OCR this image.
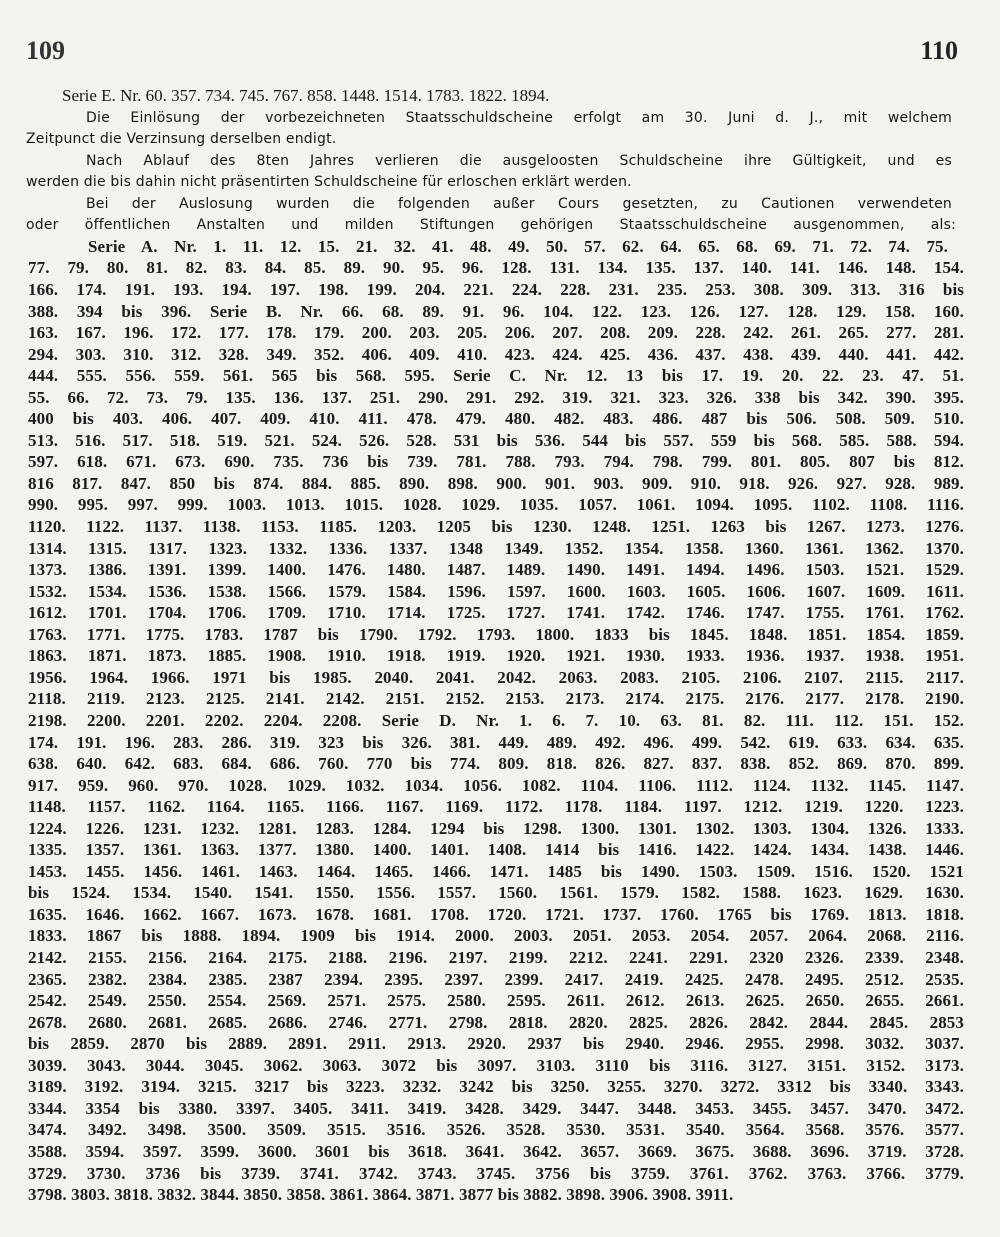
109	110
Serie E. Nr. 60. 357. 734. 745. 767. 858. 1448. 1514. 1783. 1822. 1894.
Die Einlösung der vorbezeichneten Staatsschuldscheine erfolgt am 30. Juni d. J., mit welchem
Zeitpunct die Verzinsung derselben endigt.
Nach Ablauf des 8ten Jahres verlieren die ausgeloosten Schuldscheine ihre Gültigkeit, und es
werden die bis dahin nicht präsentirten Schuldscheine für erloschen erklärt werden.
Bei der Auslosung wurden die folgenden außer Cours gesetzten, zu Cautionen verwendeten
oder öffentlichen Anstalten und milden Stiftungen gehörigen Staatsschuldscheine ausgenommen, als:
Serie A. Nr. 1. 11. 12. 15. 21. 32. 41. 48. 49. 50. 57. 62. 64. 65. 68. 69. 71. 72. 74. 75.
77. 79. 80. 81. 82. 83. 84. 85. 89. 90. 95. 96. 128. 131. 134. 135. 137. 140. 141. 146. 148. 154.
166. 174. 191. 193. 194. 197. 198. 199. 204. 221. 224. 228. 231. 235. 253. 308. 309. 313. 316 bis
388. 394 bis 396. Serie B. Nr. 66. 68. 89. 91. 96. 104. 122. 123. 126. 127. 128. 129. 158. 160.
163. 167. 196. 172. 177. 178. 179. 200. 203. 205. 206. 207. 208. 209. 228. 242. 261. 265. 277. 281.
294. 303. 310. 312. 328. 349. 352. 406. 409. 410. 423. 424. 425. 436. 437. 438. 439. 440. 441. 442.
444. 555. 556. 559. 561. 565 bis 568. 595. Serie C. Nr. 12. 13 bis 17. 19. 20. 22. 23. 47. 51.
55. 66. 72. 73. 79. 135. 136. 137. 251. 290. 291. 292. 319. 321. 323. 326. 338 bis 342. 390. 395.
400 bis 403. 406. 407. 409. 410. 411. 478. 479. 480. 482. 483. 486. 487 bis 506. 508. 509. 510.
513. 516. 517. 518. 519. 521. 524. 526. 528. 531 bis 536. 544 bis 557. 559 bis 568. 585. 588. 594.
597. 618. 671. 673. 690. 735. 736 bis 739. 781. 788. 793. 794. 798. 799. 801. 805. 807 bis 812.
816 817. 847. 850 bis 874. 884. 885. 890. 898. 900. 901. 903. 909. 910. 918. 926. 927. 928. 989.
990. 995. 997. 999. 1003. 1013. 1015. 1028. 1029. 1035. 1057. 1061. 1094. 1095. 1102. 1108. 1116.
1120. 1122. 1137. 1138. 1153. 1185. 1203. 1205 bis 1230. 1248. 1251. 1263 bis 1267. 1273. 1276.
1314. 1315. 1317. 1323. 1332. 1336. 1337. 1348 1349. 1352. 1354. 1358. 1360. 1361. 1362. 1370.
1373. 1386. 1391. 1399. 1400. 1476. 1480. 1487. 1489. 1490. 1491. 1494. 1496. 1503. 1521. 1529.
1532. 1534. 1536. 1538. 1566. 1579. 1584. 1596. 1597. 1600. 1603. 1605. 1606. 1607. 1609. 1611.
1612. 1701. 1704. 1706. 1709. 1710. 1714. 1725. 1727. 1741. 1742. 1746. 1747. 1755. 1761. 1762.
1763. 1771. 1775. 1783. 1787 bis 1790. 1792. 1793. 1800. 1833 bis 1845. 1848. 1851. 1854. 1859.
1863. 1871. 1873. 1885. 1908. 1910. 1918. 1919. 1920. 1921. 1930. 1933. 1936. 1937. 1938. 1951.
1956. 1964. 1966. 1971 bis 1985. 2040. 2041. 2042. 2063. 2083. 2105. 2106. 2107. 2115. 2117.
2118. 2119. 2123. 2125. 2141. 2142. 2151. 2152. 2153. 2173. 2174. 2175. 2176. 2177. 2178. 2190.
2198. 2200. 2201. 2202. 2204. 2208. Serie D. Nr. 1. 6. 7. 10. 63. 81. 82. 111. 112. 151. 152.
174. 191. 196. 283. 286. 319. 323 bis 326. 381. 449. 489. 492. 496. 499. 542. 619. 633. 634. 635.
638. 640. 642. 683. 684. 686. 760. 770 bis 774. 809. 818. 826. 827. 837. 838. 852. 869. 870. 899.
917. 959. 960. 970. 1028. 1029. 1032. 1034. 1056. 1082. 1104. 1106. 1112. 1124. 1132. 1145. 1147.
1148. 1157. 1162. 1164. 1165. 1166. 1167. 1169. 1172. 1178. 1184. 1197. 1212. 1219. 1220. 1223.
1224. 1226. 1231. 1232. 1281. 1283. 1284. 1294 bis 1298. 1300. 1301. 1302. 1303. 1304. 1326. 1333.
1335. 1357. 1361. 1363. 1377. 1380. 1400. 1401. 1408. 1414 bis 1416. 1422. 1424. 1434. 1438. 1446.
1453. 1455. 1456. 1461. 1463. 1464. 1465. 1466. 1471. 1485 bis 1490. 1503. 1509. 1516. 1520. 1521
bis 1524. 1534. 1540. 1541. 1550. 1556. 1557. 1560. 1561. 1579. 1582. 1588. 1623. 1629. 1630.
1635. 1646. 1662. 1667. 1673. 1678. 1681. 1708. 1720. 1721. 1737. 1760. 1765 bis 1769. 1813. 1818.
1833. 1867 bis 1888. 1894. 1909 bis 1914. 2000. 2003. 2051. 2053. 2054. 2057. 2064. 2068. 2116.
2142. 2155. 2156. 2164. 2175. 2188. 2196. 2197. 2199. 2212. 2241. 2291. 2320 2326. 2339. 2348.
2365. 2382. 2384. 2385. 2387 2394. 2395. 2397. 2399. 2417. 2419. 2425. 2478. 2495. 2512. 2535.
2542. 2549. 2550. 2554. 2569. 2571. 2575. 2580. 2595. 2611. 2612. 2613. 2625. 2650. 2655. 2661.
2678. 2680. 2681. 2685. 2686. 2746. 2771. 2798. 2818. 2820. 2825. 2826. 2842. 2844. 2845. 2853
bis 2859. 2870 bis 2889. 2891. 2911. 2913. 2920. 2937 bis 2940. 2946. 2955. 2998. 3032. 3037.
3039. 3043. 3044. 3045. 3062. 3063. 3072 bis 3097. 3103. 3110 bis 3116. 3127. 3151. 3152. 3173.
3189. 3192. 3194. 3215. 3217 bis 3223. 3232. 3242 bis 3250. 3255. 3270. 3272. 3312 bis 3340. 3343.
3344. 3354 bis 3380. 3397. 3405. 3411. 3419. 3428. 3429. 3447. 3448. 3453. 3455. 3457. 3470. 3472.
3474. 3492. 3498. 3500. 3509. 3515. 3516. 3526. 3528. 3530. 3531. 3540. 3564. 3568. 3576. 3577.
3588. 3594. 3597. 3599. 3600. 3601 bis 3618. 3641. 3642. 3657. 3669. 3675. 3688. 3696. 3719. 3728.
3729. 3730. 3736 bis 3739. 3741. 3742. 3743. 3745. 3756 bis 3759. 3761. 3762. 3763. 3766. 3779.
3798. 3803. 3818. 3832. 3844. 3850. 3858. 3861. 3864. 3871. 3877 bis 3882. 3898. 3906. 3908. 3911.
